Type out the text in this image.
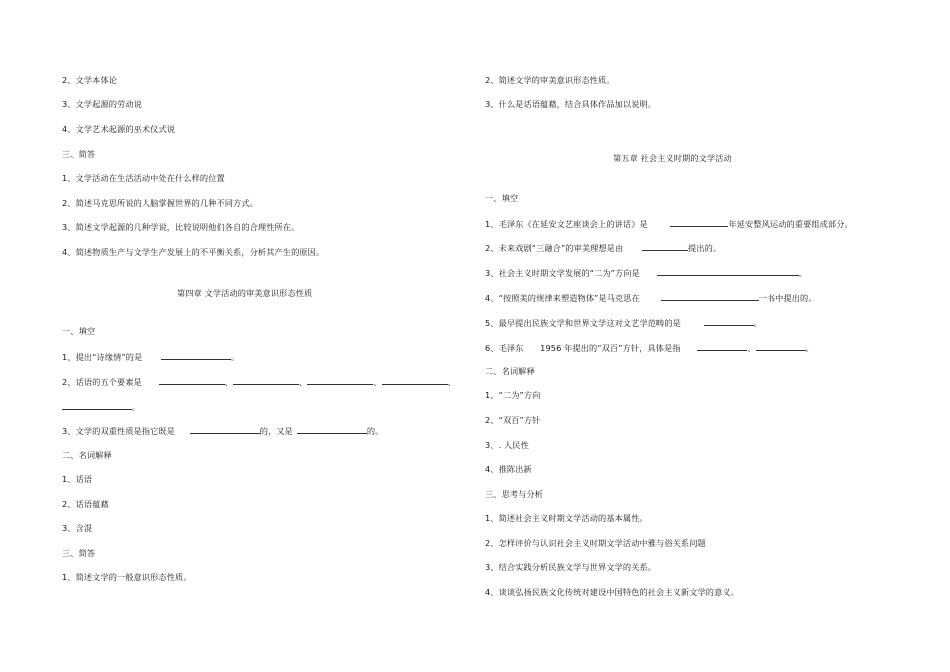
2、文学本体论
3、文学起源的劳动说
4、文学艺术起源的巫术仪式说
三、简答
1、文学活动在生活活动中处在什么样的位置
2、简述马克思所说的人脑掌握世界的几种不同方式。
3、简述文学起源的几种学说，比较说明他们各自的合理性所在。
4、简述物质生产与文学生产发展上的不平衡关系，分析其产生的原因。
第四章 文学活动的审美意识形态性质
一、填空
1、提出“诗缘情”的是	。
2、话语的五个要素是	、	、	、	、
。
3、文学的双重性质是指它既是	的，又是	的。
二、名词解释
1、话语
2、话语蕴藉
3、含混
三、简答
1、简述文学的一般意识形态性质。
2、简述文学的审美意识形态性质。
3、什么是话语蕴藉，结合具体作品加以说明。
第五章 社会主义时期的文学活动
一、填空
1、毛泽东《在延安文艺座谈会上的讲话》是	年延安整风运动的重要组成部分。
2、未来戏剧“三融合”的审美理想是由	提出的。
3、社会主义时期文学发展的“二为”方向是	。
4、“按照美的规律来塑造物体”是马克思在	一书中提出的。
5、最早提出民族文学和世界文学这对文艺学范畴的是	。
6、毛泽东 1956 年提出的“双百”方针，具体是指	、	。
二、名词解释
1、“二为”方向
2、“双百”方针
3、. 人民性
4、推陈出新
三、思考与分析
1、简述社会主义时期文学活动的基本属性。
2、怎样评价与认识社会主义时期文学活动中雅与俗关系问题
3、结合实践分析民族文学与世界文学的关系。
4、谈谈弘扬民族文化传统对建设中国特色的社会主义新文学的意义。
